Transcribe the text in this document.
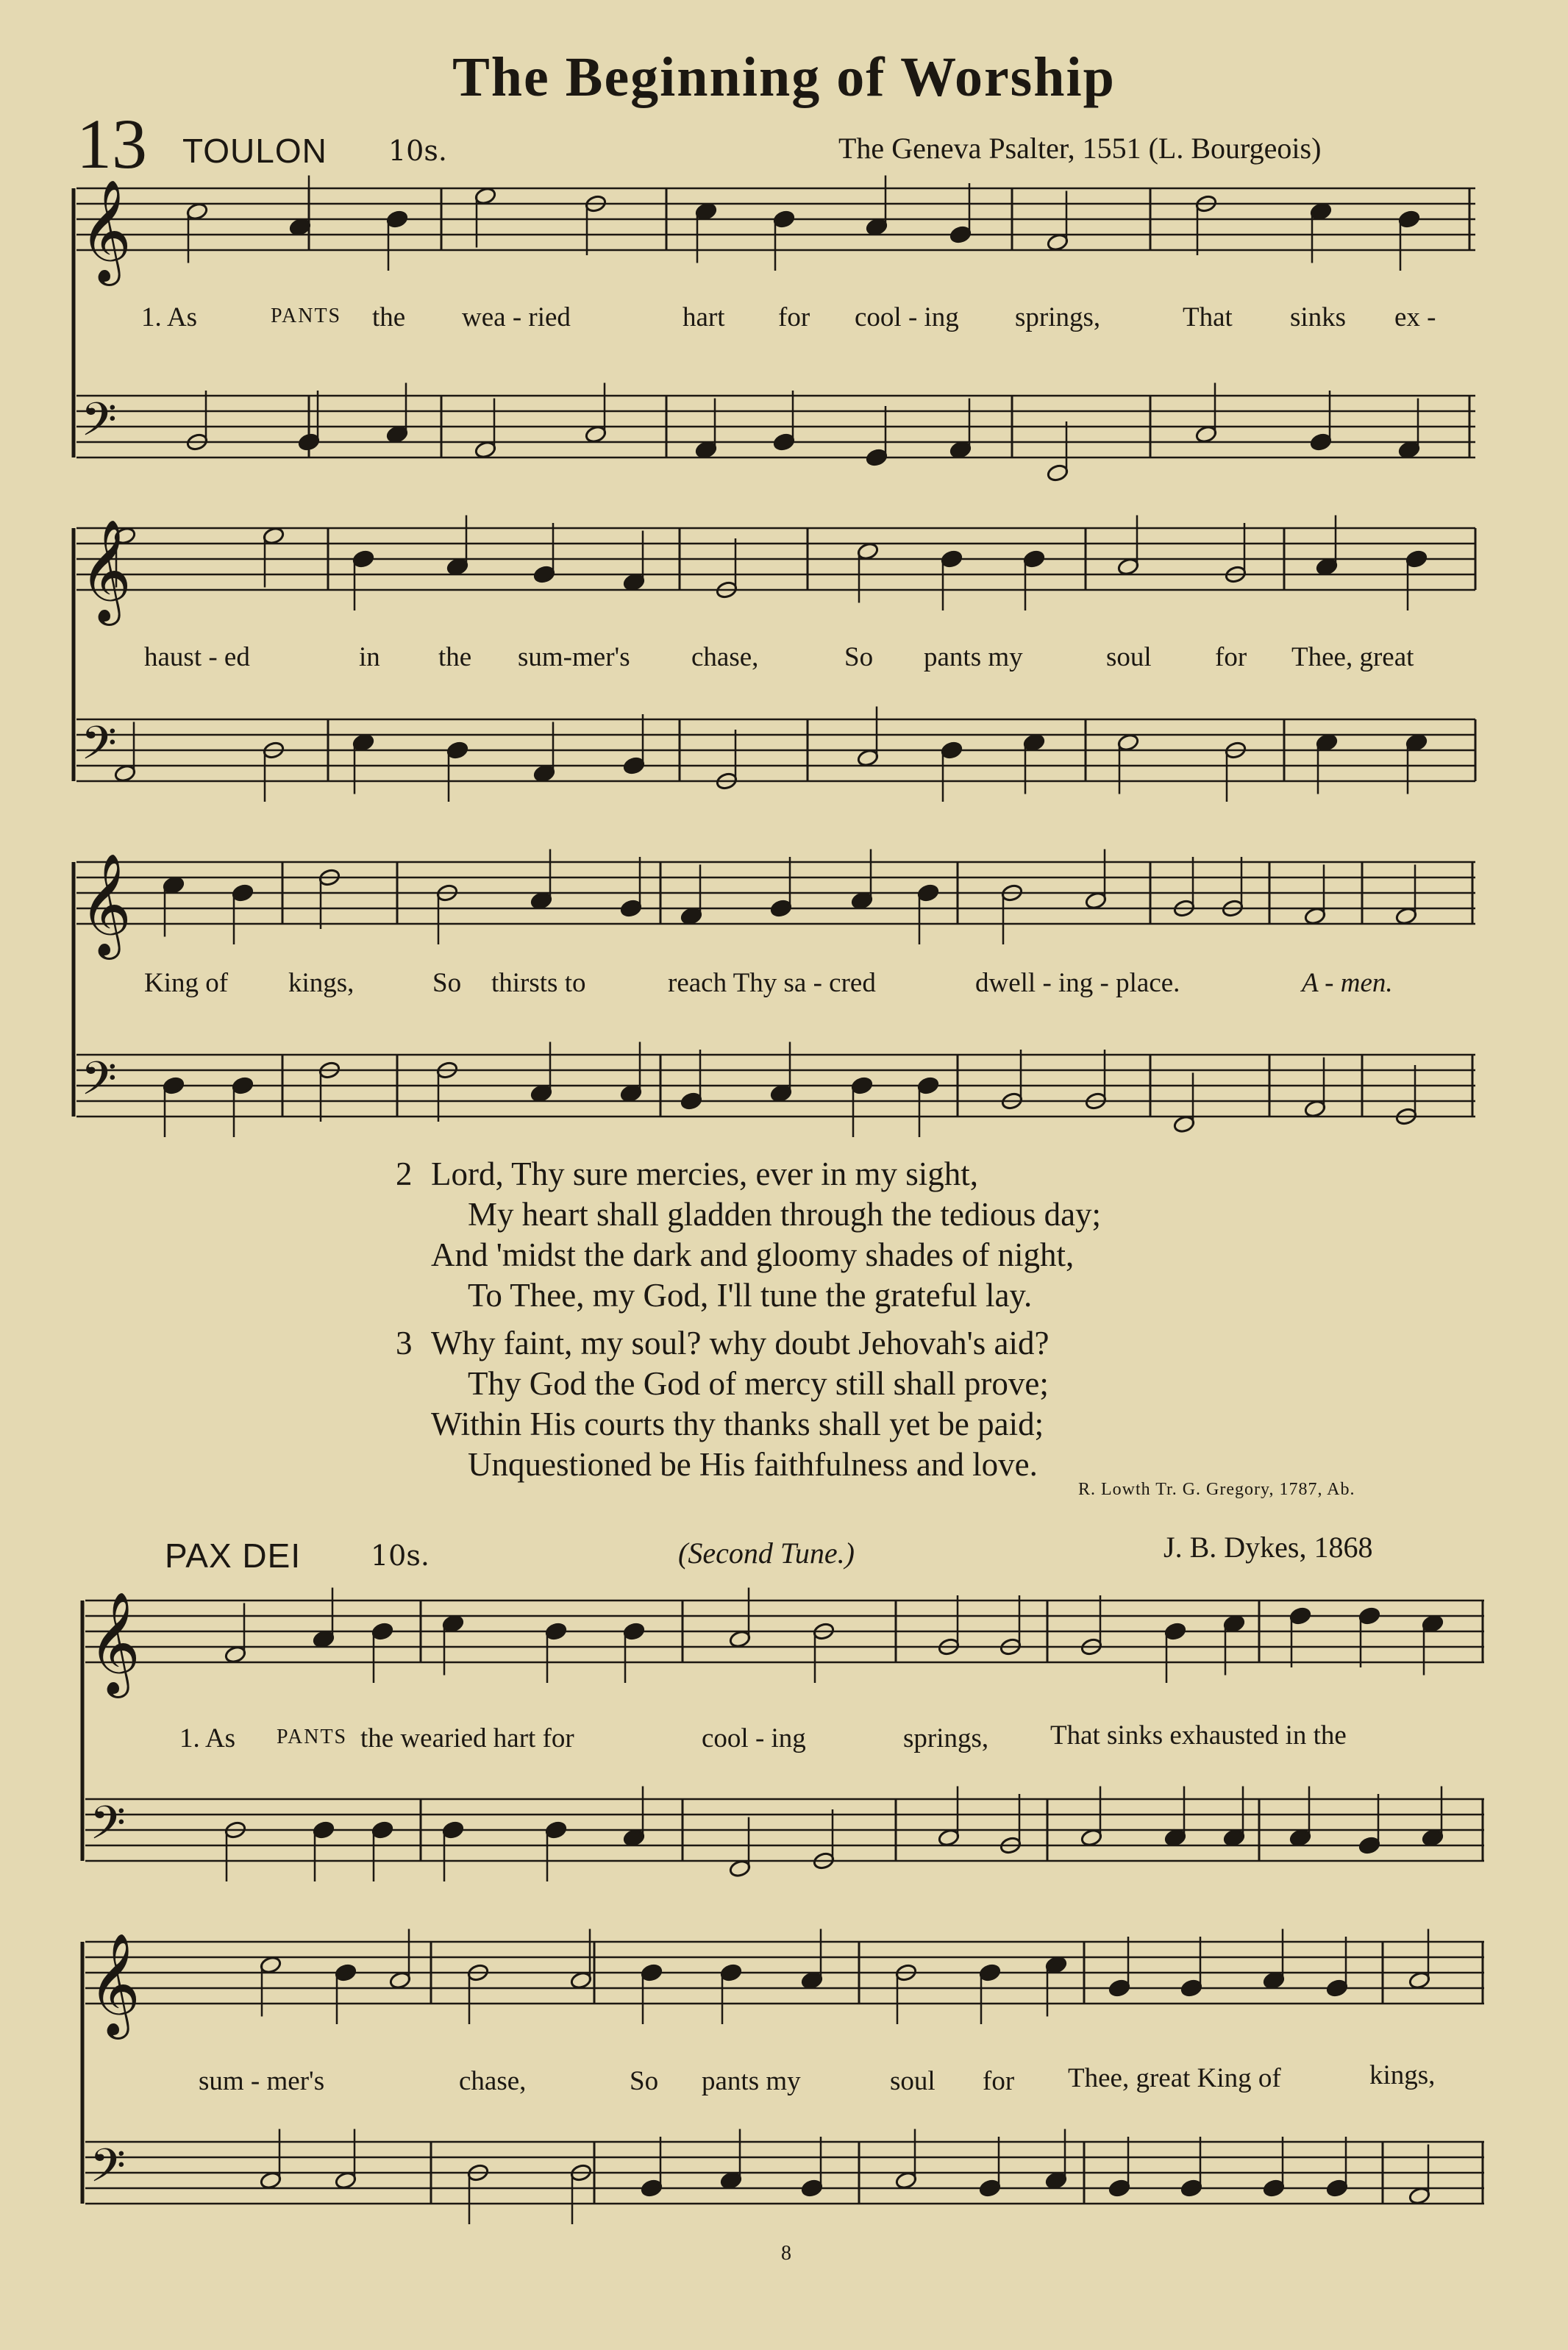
The Beginning of Worship
13 TOULON 10s.	The Geneva Psalter, 1551 (L. Bourgeois)
𝄞
𝄢
𝄞
𝄢
𝄞
𝄢
𝄞
𝄢
𝄞
𝄢
1. As	PANTS the wea - ried	hart for cool - ing springs,	That sinks ex -
haust - ed	in the sum-mer's chase,	So pants my	soul for Thee, great
King of kings,	So thirsts to	reach Thy sa - cred	dwell - ing - place.	A - men.
2 Lord, Thy sure mercies, ever in my sight,
My heart shall gladden through the tedious day;
And 'midst the dark and gloomy shades of night,
To Thee, my God, I'll tune the grateful lay.
3 Why faint, my soul? why doubt Jehovah's aid?
Thy God the God of mercy still shall prove;
Within His courts thy thanks shall yet be paid;
Unquestioned be His faithfulness and love.
R. Lowth Tr. G. Gregory, 1787, Ab.
PAX DEI 10s.	(Second Tune.)	J. B. Dykes, 1868
1. As PANTS the wearied hart for	cool - ing	springs, That sinks exhausted in the
sum - mer's	chase,	So pants my	soul for Thee, great King of	kings,
8
